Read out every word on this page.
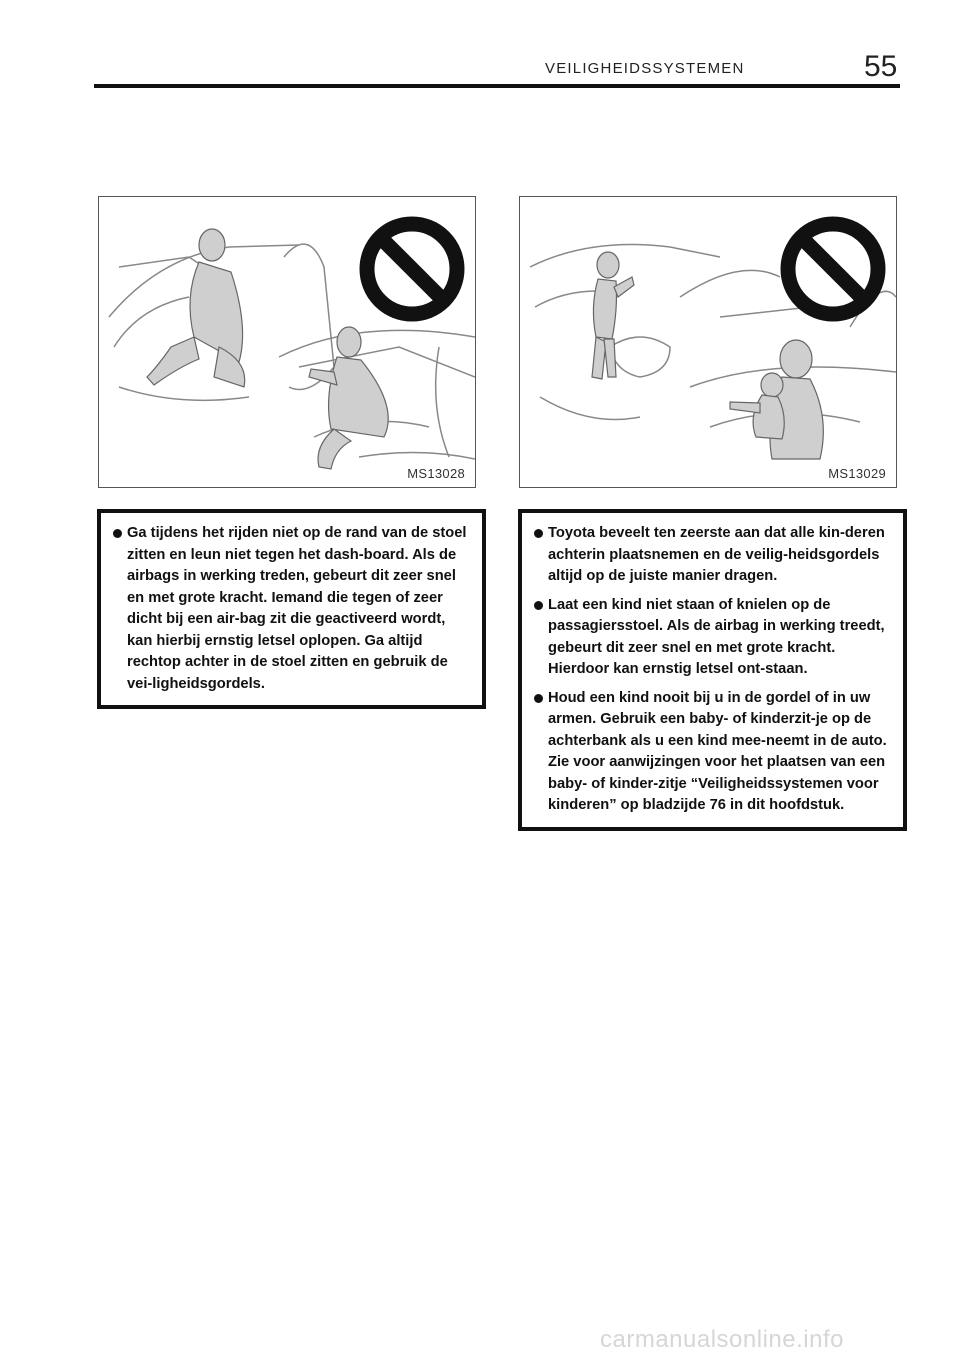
VEILIGHEIDSSYSTEMEN	55
MS13028	MS13029
Ga tijdens het rijden niet op de rand van de stoel zitten en leun niet tegen het dash-board. Als de airbags in werking treden, gebeurt dit zeer snel en met grote kracht. Iemand die tegen of zeer dicht bij een air-bag zit die geactiveerd wordt, kan hierbij ernstig letsel oplopen. Ga altijd rechtop achter in de stoel zitten en gebruik de vei-ligheidsgordels.
Toyota beveelt ten zeerste aan dat alle kin-deren achterin plaatsnemen en de veilig-heidsgordels altijd op de juiste manier dragen.
Laat een kind niet staan of knielen op de passagiersstoel. Als de airbag in werking treedt, gebeurt dit zeer snel en met grote kracht. Hierdoor kan ernstig letsel ont-staan.
Houd een kind nooit bij u in de gordel of in uw armen. Gebruik een baby- of kinderzit-je op de achterbank als u een kind mee-neemt in de auto. Zie voor aanwijzingen voor het plaatsen van een baby- of kinder-zitje “Veiligheidssystemen voor kinderen” op bladzijde 76 in dit hoofdstuk.
carmanualsonline.info
